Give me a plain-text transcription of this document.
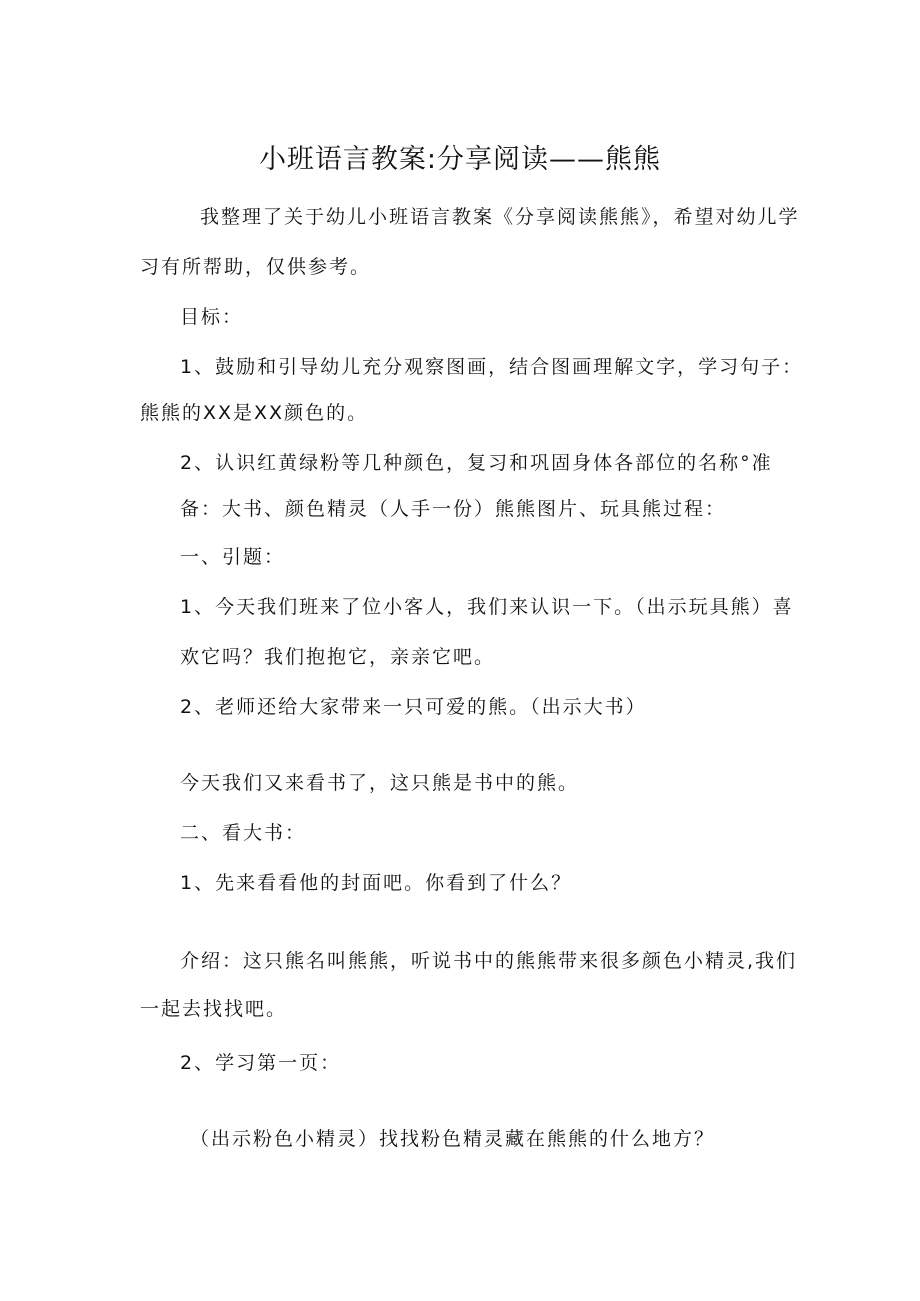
小班语言教案:分享阅读——熊熊
我整理了关于幼儿小班语言教案《分享阅读熊熊》，希望对幼儿学
习有所帮助，仅供参考。
目标：
1、鼓励和引导幼儿充分观察图画，结合图画理解文字，学习句子：
熊熊的XX是XX颜色的。
2、认识红黄绿粉等几种颜色，复习和巩固身体各部位的名称°准
备：大书、颜色精灵（人手一份）熊熊图片、玩具熊过程：
一、引题：
1、今天我们班来了位小客人，我们来认识一下。（出示玩具熊）喜
欢它吗？我们抱抱它，亲亲它吧。
2、老师还给大家带来一只可爱的熊。（出示大书）
今天我们又来看书了，这只熊是书中的熊。
二、看大书：
1、先来看看他的封面吧。你看到了什么？
介绍：这只熊名叫熊熊，听说书中的熊熊带来很多颜色小精灵,我们
一起去找找吧。
2、学习第一页：
（出示粉色小精灵）找找粉色精灵藏在熊熊的什么地方？
